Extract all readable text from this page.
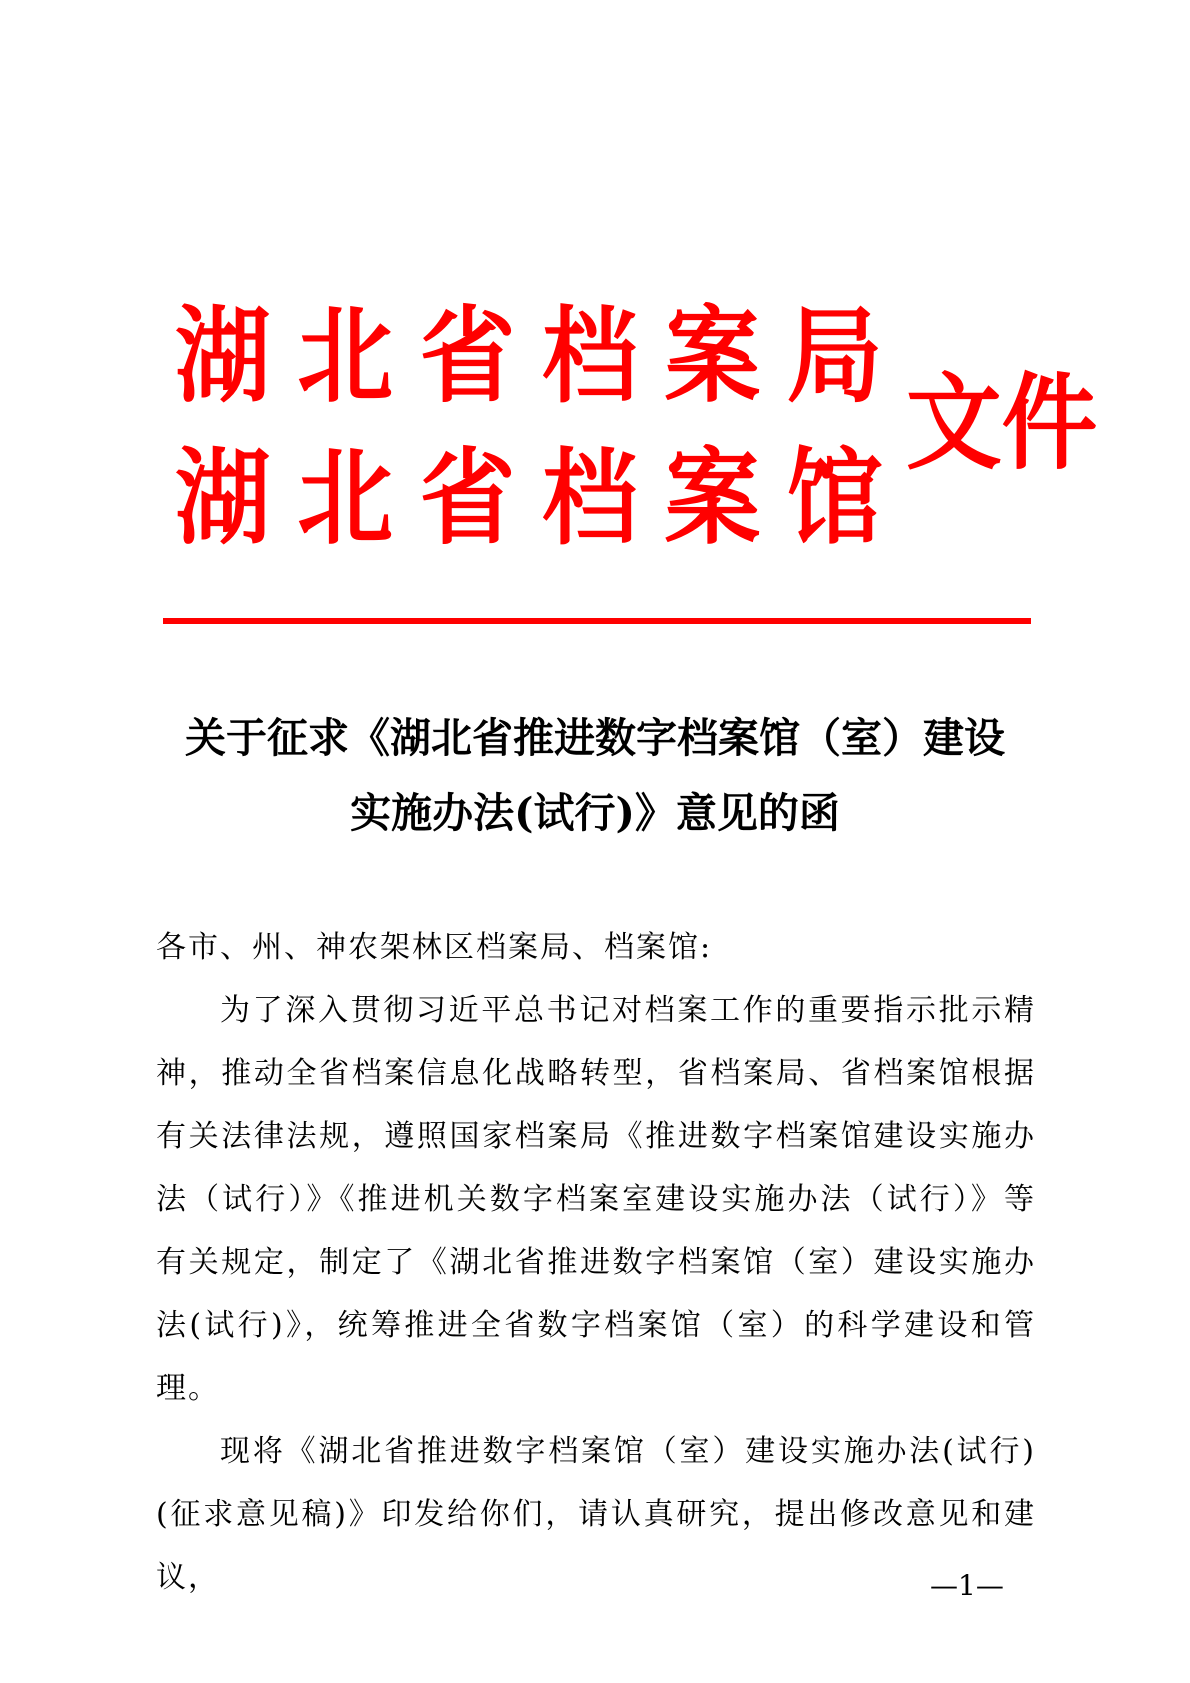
湖北省档案局
湖北省档案馆
文件
关于征求《湖北省推进数字档案馆（室）建设
实施办法(试行)》意见的函

各市、州、神农架林区档案局、档案馆:

为了深入贯彻习近平总书记对档案工作的重要指示批示精神，推动全省档案信息化战略转型，省档案局、省档案馆根据有关法律法规，遵照国家档案局《推进数字档案馆建设实施办法（试行）》《推进机关数字档案室建设实施办法（试行）》等有关规定，制定了《湖北省推进数字档案馆（室）建设实施办法(试行)》，统筹推进全省数字档案馆（室）的科学建设和管理。

现将《湖北省推进数字档案馆（室）建设实施办法(试行)(征求意见稿)》印发给你们，请认真研究，提出修改意见和建议，	—1—
